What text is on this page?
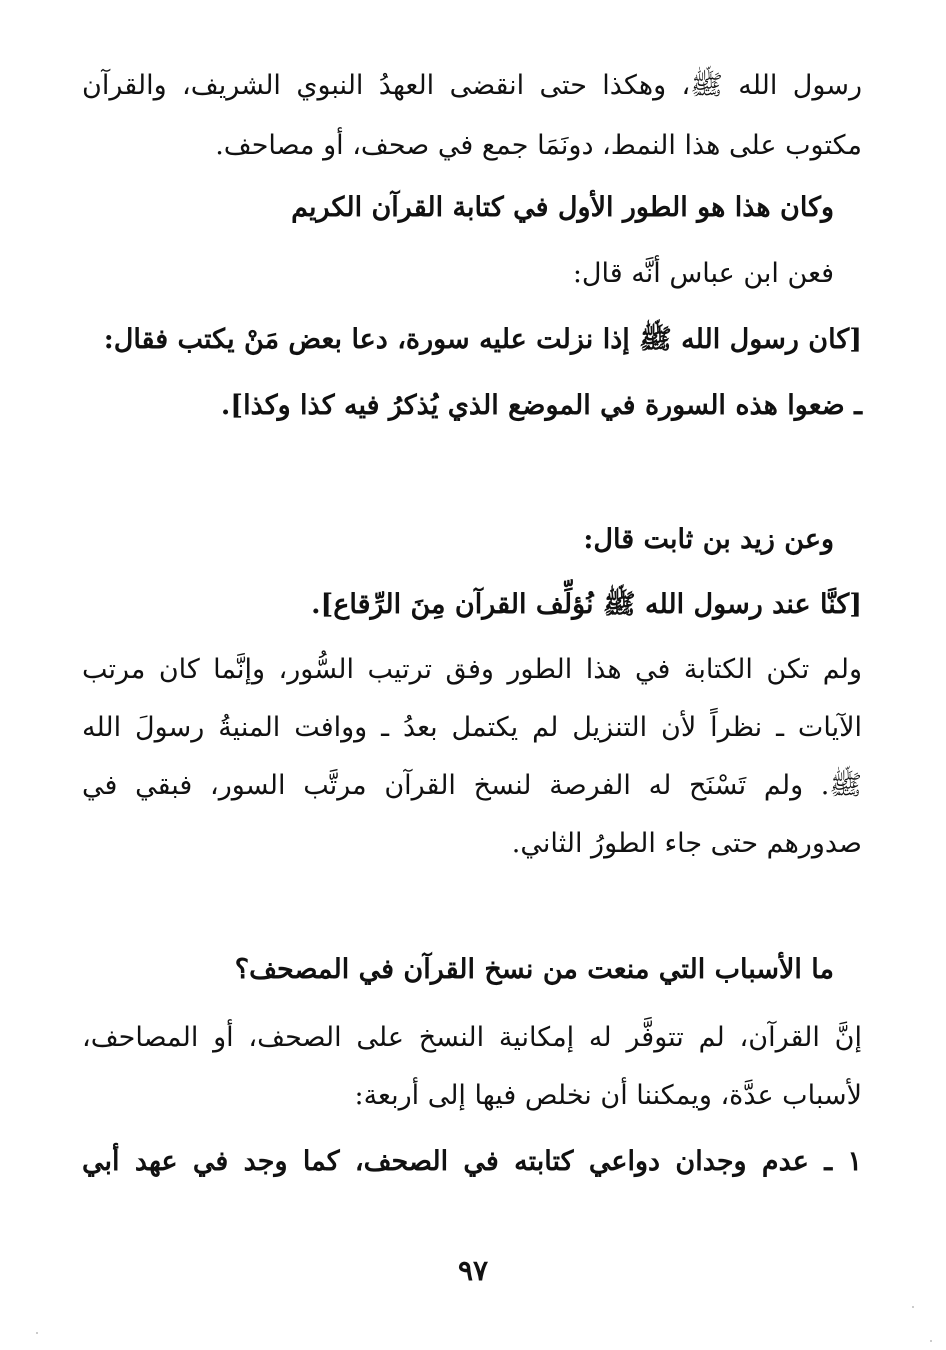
رسول الله ﷺ، وهكذا حتى انقضى العهدُ النبوي الشريف، والقرآن
مكتوب على هذا النمط، دونَمَا جمع في صحف، أو مصاحف.
وكان هذا هو الطور الأول في كتابة القرآن الكريم
فعن ابن عباس أنَّه قال:
[كان رسول الله ﷺ إذا نزلت عليه سورة، دعا بعض مَنْ يكتب فقال:
ـ ضعوا هذه السورة في الموضع الذي يُذكرُ فيه كذا وكذا].
وعن زيد بن ثابت قال:
[كنَّا عند رسول الله ﷺ نُؤلِّف القرآن مِنَ الرِّقاع].
ولم تكن الكتابة في هذا الطور وفق ترتيب السُّور، وإنَّما كان مرتب
الآيات ـ نظراً لأن التنزيل لم يكتمل بعدُ ـ ووافت المنيةُ رسولَ الله
ﷺ. ولم تَسْنَح له الفرصة لنسخ القرآن مرتَّب السور، فبقي في
صدورهم حتى جاء الطورُ الثاني.
ما الأسباب التي منعت من نسخ القرآن في المصحف؟
إنَّ القرآن، لم تتوفَّر له إمكانية النسخ على الصحف، أو المصاحف،
لأسباب عدَّة، ويمكننا أن نخلص فيها إلى أربعة:
١ ـ عدم وجدان دواعي كتابته في الصحف، كما وجد في عهد أبي
٩٧
